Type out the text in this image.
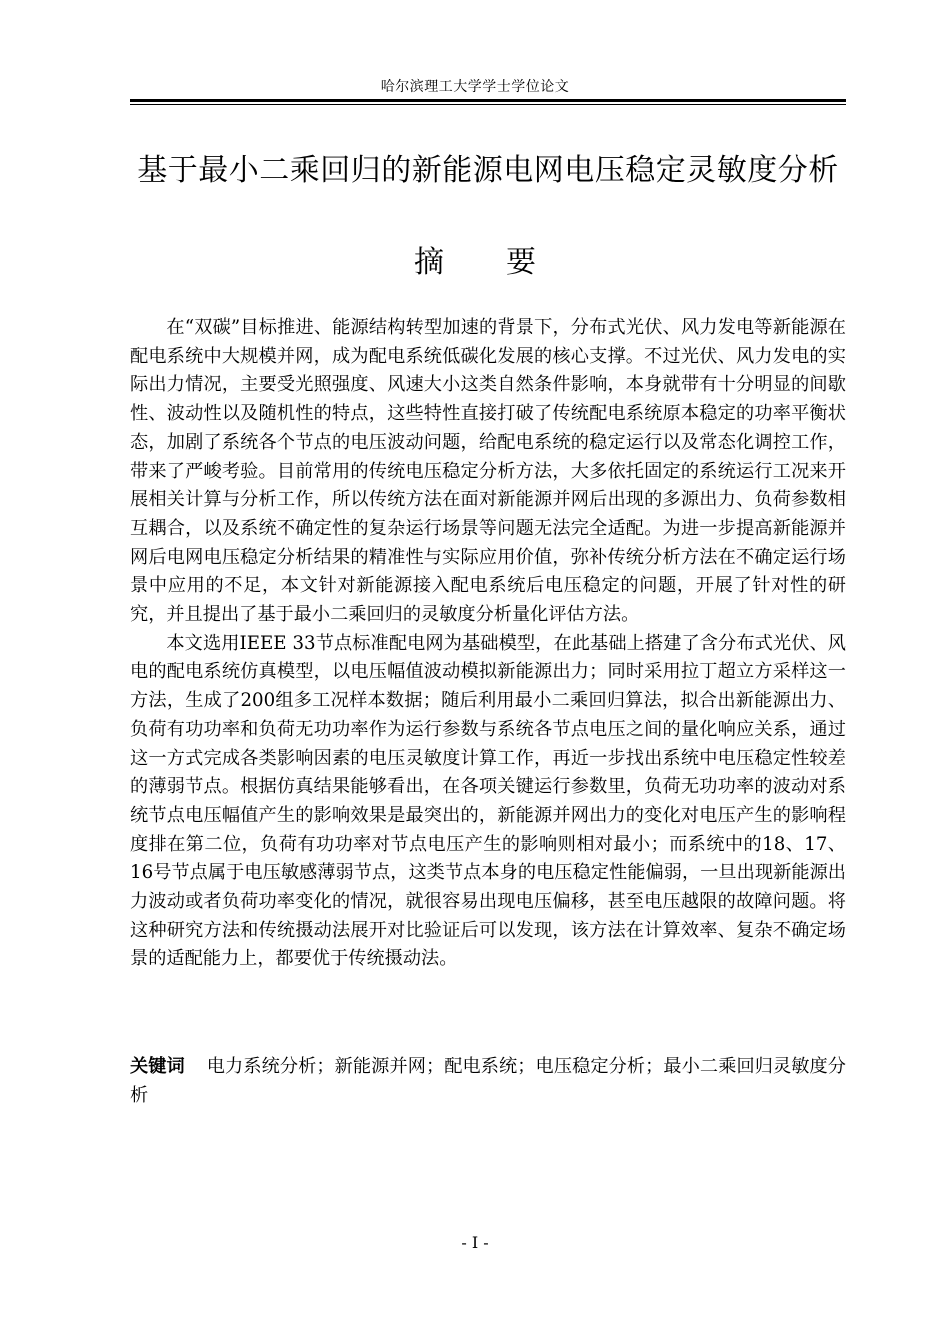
哈尔滨理工大学学士学位论文
基于最小二乘回归的新能源电网电压稳定灵敏度分析
摘要

在“双碳”目标推进、能源结构转型加速的背景下，分布式光伏、风力发电等新能源在配电系统中大规模并网，成为配电系统低碳化发展的核心支撑。不过光伏、风力发电的实际出力情况，主要受光照强度、风速大小这类自然条件影响，本身就带有十分明显的间歇性、波动性以及随机性的特点，这些特性直接打破了传统配电系统原本稳定的功率平衡状态，加剧了系统各个节点的电压波动问题，给配电系统的稳定运行以及常态化调控工作，带来了严峻考验。目前常用的传统电压稳定分析方法，大多依托固定的系统运行工况来开展相关计算与分析工作，所以传统方法在面对新能源并网后出现的多源出力、负荷参数相互耦合，以及系统不确定性的复杂运行场景等问题无法完全适配。为进一步提高新能源并网后电网电压稳定分析结果的精准性与实际应用价值，弥补传统分析方法在不确定运行场景中应用的不足，本文针对新能源接入配电系统后电压稳定的问题，开展了针对性的研究，并且提出了基于最小二乘回归的灵敏度分析量化评估方法。

本文选用IEEE 33节点标准配电网为基础模型，在此基础上搭建了含分布式光伏、风电的配电系统仿真模型，以电压幅值波动模拟新能源出力；同时采用拉丁超立方采样这一方法，生成了200组多工况样本数据；随后利用最小二乘回归算法，拟合出新能源出力、负荷有功功率和负荷无功功率作为运行参数与系统各节点电压之间的量化响应关系，通过这一方式完成各类影响因素的电压灵敏度计算工作，再近一步找出系统中电压稳定性较差的薄弱节点。根据仿真结果能够看出，在各项关键运行参数里，负荷无功功率的波动对系统节点电压幅值产生的影响效果是最突出的，新能源并网出力的变化对电压产生的影响程度排在第二位，负荷有功功率对节点电压产生的影响则相对最小；而系统中的18、17、16号节点属于电压敏感薄弱节点，这类节点本身的电压稳定性能偏弱，一旦出现新能源出力波动或者负荷功率变化的情况，就很容易出现电压偏移，甚至电压越限的故障问题。将这种研究方法和传统摄动法展开对比验证后可以发现，该方法在计算效率、复杂不确定场景的适配能力上，都要优于传统摄动法。

关键词 电力系统分析；新能源并网；配电系统；电压稳定分析；最小二乘回归灵敏度分析
- I -
